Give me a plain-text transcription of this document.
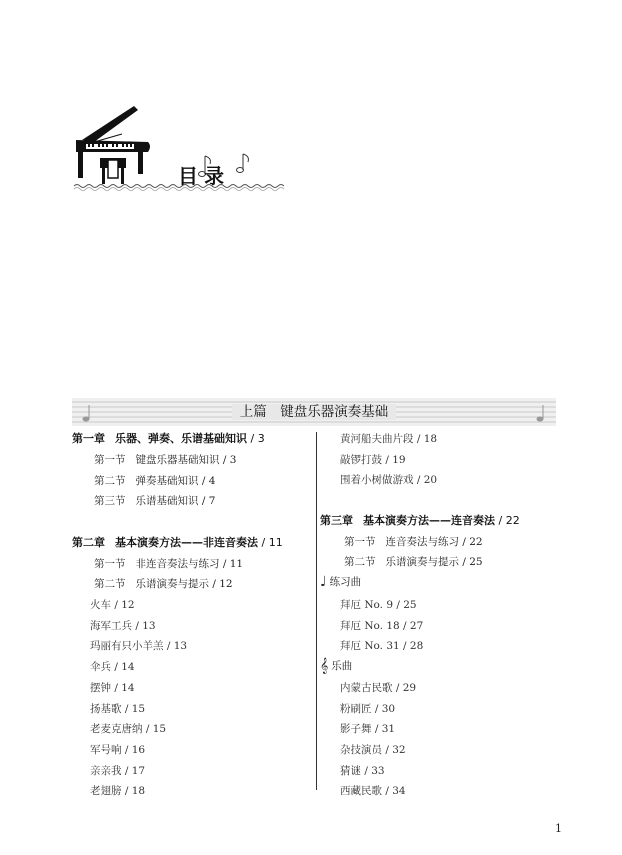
目录
上篇　键盘乐器演奏基础
第一章 乐器、弹奏、乐谱基础知识 / 3
第一节 键盘乐器基础知识 / 3
第二节 弹奏基础知识 / 4
第三节 乐谱基础知识 / 7
第二章 基本演奏方法——非连音奏法 / 11
第一节 非连音奏法与练习 / 11
第二节 乐谱演奏与提示 / 12
火车 / 12
海军工兵 / 13
玛丽有只小羊羔 / 13
伞兵 / 14
摆钟 / 14
扬基歌 / 15
老麦克唐纳 / 15
军号响 / 16
亲亲我 / 17
老翅膀 / 18
黄河船夫曲片段 / 18
敲锣打鼓 / 19
围着小树做游戏 / 20
第三章 基本演奏方法——连音奏法 / 22
第一节 连音奏法与练习 / 22
第二节 乐谱演奏与提示 / 25
♩ 练习曲
拜厄 No. 9 / 25
拜厄 No. 18 / 27
拜厄 No. 31 / 28
𝄞 乐曲
内蒙古民歌 / 29
粉刷匠 / 30
影子舞 / 31
杂技演员 / 32
猜谜 / 33
西藏民歌 / 34
1
